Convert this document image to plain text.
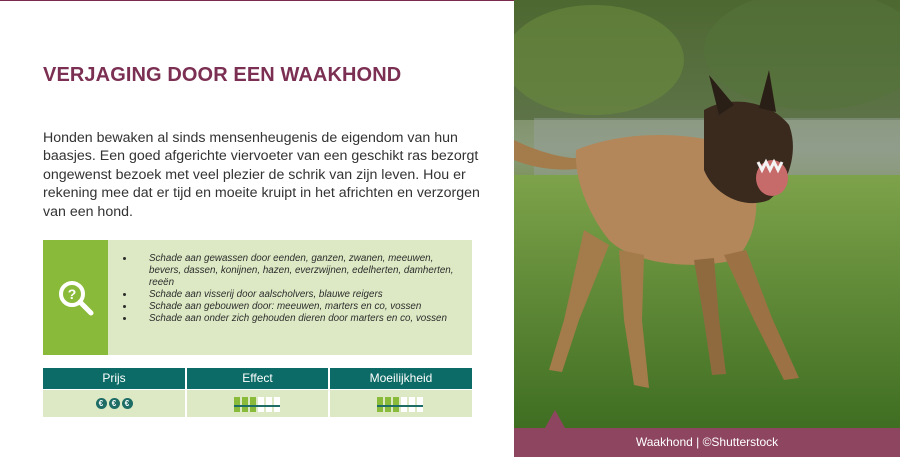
VERJAGING DOOR EEN WAAKHOND

Honden bewaken al sinds mensenheugenis de eigendom van hun baasjes. Een goed afgerichte viervoeter van een geschikt ras bezorgt ongewenst bezoek met veel plezier de schrik van zijn leven. Hou er rekening mee dat er tijd en moeite kruipt in het africhten en verzorgen van een hond.

?
• Schade aan gewassen door eenden, ganzen, zwanen, meeuwen, bevers, dassen, konijnen, hazen, everzwijnen, edelherten, damherten, reeën
• Schade aan visserij door aalscholvers, blauwe reigers
• Schade aan gebouwen door: meeuwen, marters en co, vossen
• Schade aan onder zich gehouden dieren door marters en co, vossen
Prijs	Effect	Moeilijkheid
€	€	€
Waakhond | ©Shutterstock
